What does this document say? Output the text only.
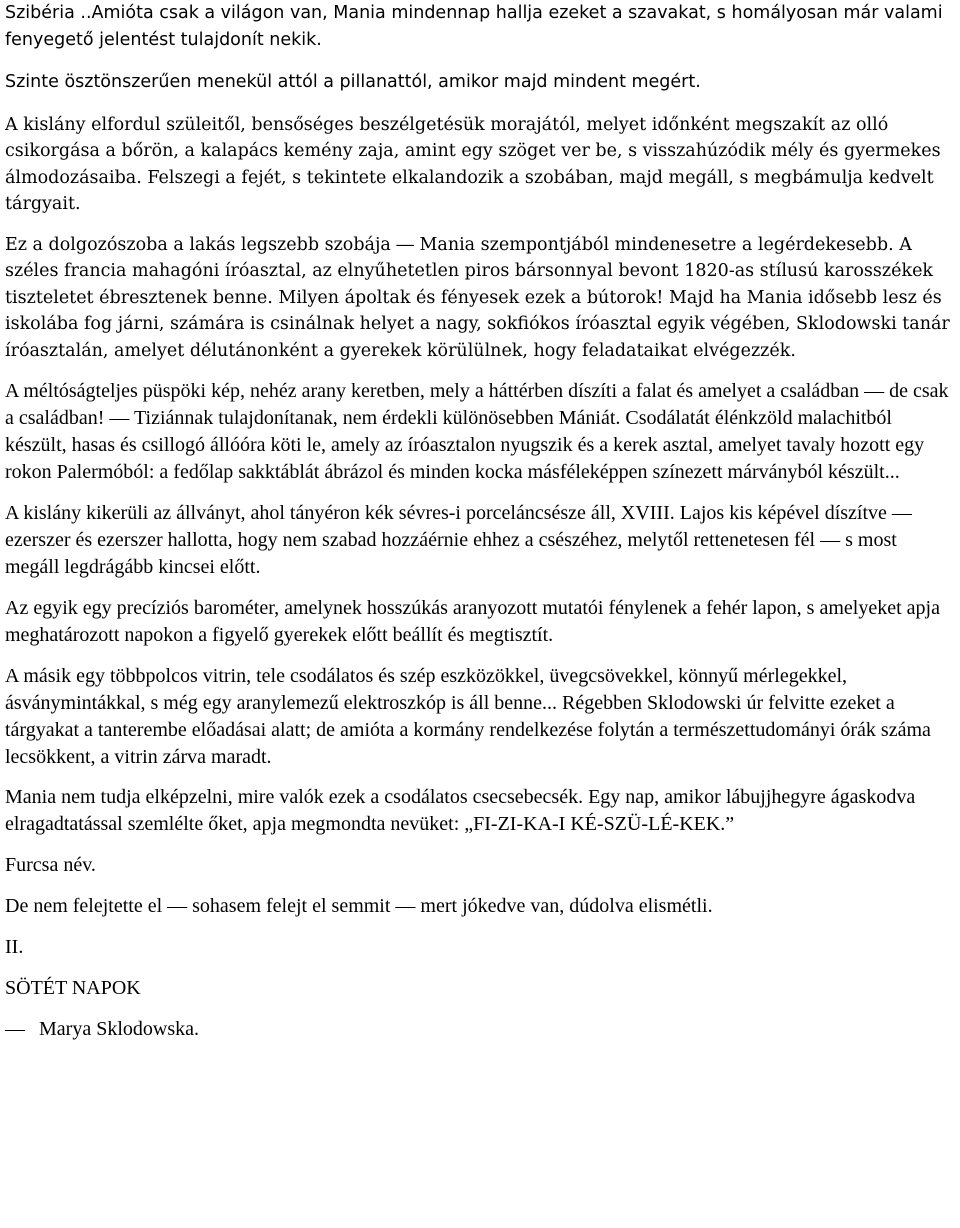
Szibéria ..Amióta csak a világon van, Mania mindennap hallja ezeket a szavakat, s homályosan már valami fenyegető jelentést tulajdonít nekik.

Szinte ösztönszerűen menekül attól a pillanattól, amikor majd mindent megért.

A kislány elfordul szüleitől, bensőséges beszélgetésük morajától, melyet időnként megszakít az olló csikorgása a bőrön, a kalapács kemény zaja, amint egy szöget ver be, s visszahúzódik mély és gyermekes álmodozásaiba. Felszegi a fejét, s tekintete elkalandozik a szobában, majd megáll, s megbámulja kedvelt tárgyait.

Ez a dolgozószoba a lakás legszebb szobája ― Mania szempontjából mindenesetre a legérdekesebb. A széles francia mahagóni íróasztal, az elnyűhetetlen piros bársonnyal bevont 1820-as stílusú karosszékek tiszteletet ébresztenek benne. Milyen ápoltak és fényesek ezek a bútorok! Majd ha Mania idősebb lesz és iskolába fog járni, számára is csinálnak helyet a nagy, sokfiókos íróasztal egyik végében, Sklodowski tanár íróasztalán, amelyet délutánonként a gyerekek körülülnek, hogy feladataikat elvégezzék.

A méltóságteljes püspöki kép, nehéz arany keretben, mely a háttérben díszíti a falat és amelyet a családban ― de csak a családban! ― Tiziánnak tulajdonítanak, nem érdekli különösebben Mániát. Csodálatát élénkzöld malachitból készült, hasas és csillogó állóóra köti le, amely az íróasztalon nyugszik és a kerek asztal, amelyet tavaly hozott egy rokon Palermóból: a fedőlap sakktáblát ábrázol és minden kocka másféleképpen színezett márványból készült...

A kislány kikerüli az állványt, ahol tányéron kék sévres-i porceláncsésze áll, XVIII. Lajos kis képével díszítve ― ezerszer és ezerszer hallotta, hogy nem szabad hozzáérnie ehhez a csészéhez, melytől rettenetesen fél ― s most megáll legdrágább kincsei előtt.

Az egyik egy precíziós barométer, amelynek hosszúkás aranyozott mutatói fénylenek a fehér lapon, s amelyeket apja meghatározott napokon a figyelő gyerekek előtt beállít és megtisztít.

A másik egy többpolcos vitrin, tele csodálatos és szép eszközökkel, üvegcsövekkel, könnyű mérlegekkel, ásványmintákkal, s még egy aranylemezű elektroszkóp is áll benne... Régebben Sklodowski úr felvitte ezeket a tárgyakat a tanterembe előadásai alatt; de amióta a kormány rendelkezése folytán a természettudományi órák száma lecsökkent, a vitrin zárva maradt.

Mania nem tudja elképzelni, mire valók ezek a csodálatos csecsebecsék. Egy nap, amikor lábujjhegyre ágaskodva elragadtatással szemlélte őket, apja megmondta nevüket: „FI-ZI-KA-I KÉ-SZÜ-LÉ-KEK.”

Furcsa név.

De nem felejtette el ― sohasem felejt el semmit ― mert jókedve van, dúdolva elismétli.

II.

SÖTÉT NAPOK

― Marya Sklodowska.
